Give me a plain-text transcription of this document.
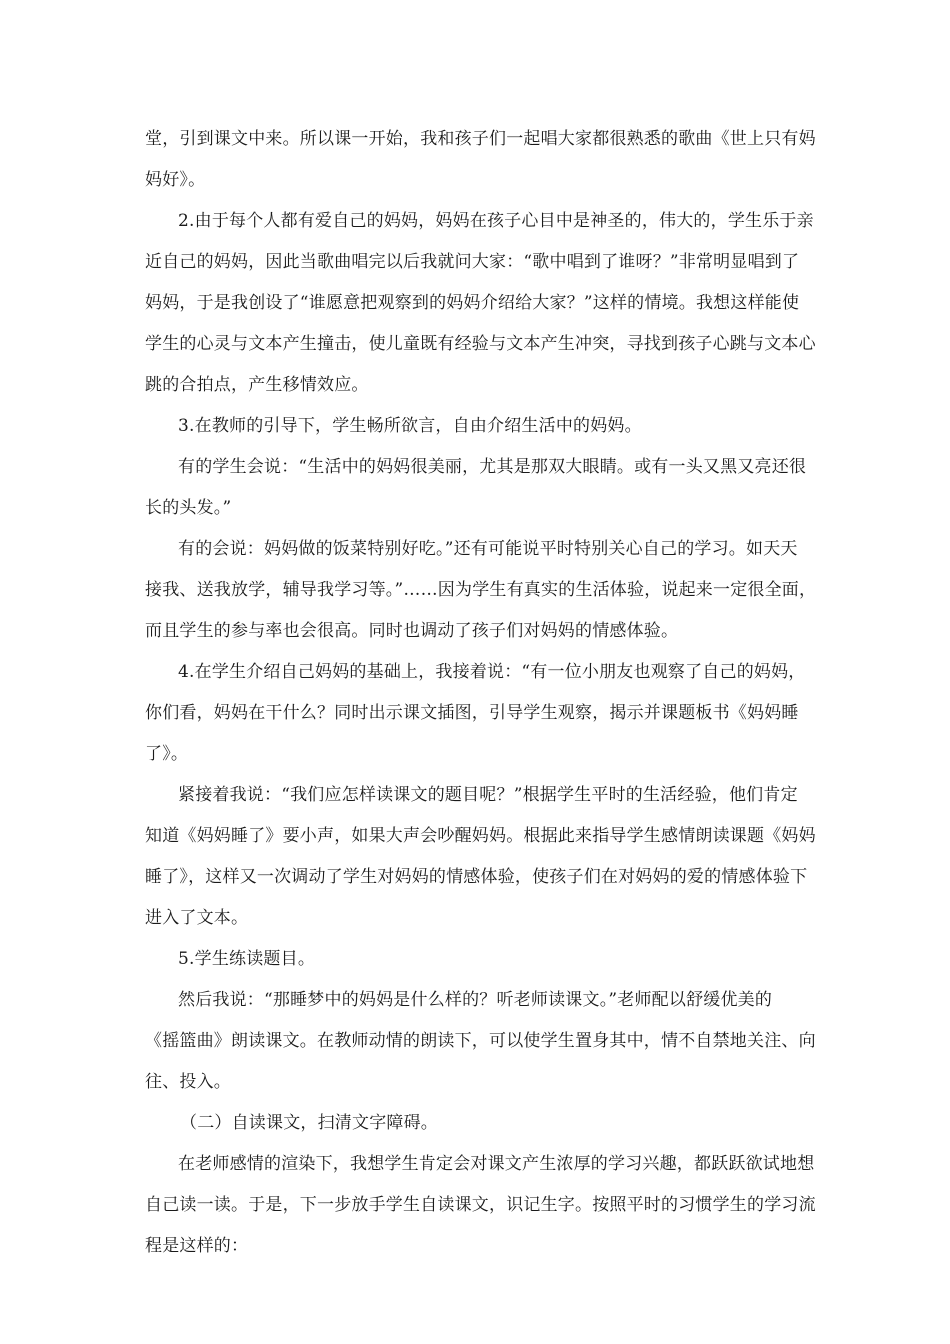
堂，引到课文中来。所以课一开始，我和孩子们一起唱大家都很熟悉的歌曲《世上只有妈
妈好》。
2.由于每个人都有爱自己的妈妈，妈妈在孩子心目中是神圣的，伟大的，学生乐于亲
近自己的妈妈，因此当歌曲唱完以后我就问大家：“歌中唱到了谁呀？”非常明显唱到了
妈妈，于是我创设了“谁愿意把观察到的妈妈介绍给大家？”这样的情境。我想这样能使
学生的心灵与文本产生撞击，使儿童既有经验与文本产生冲突，寻找到孩子心跳与文本心
跳的合拍点，产生移情效应。
3.在教师的引导下，学生畅所欲言，自由介绍生活中的妈妈。
有的学生会说：“生活中的妈妈很美丽，尤其是那双大眼睛。或有一头又黑又亮还很
长的头发。”
有的会说：妈妈做的饭菜特别好吃。”还有可能说平时特别关心自己的学习。如天天
接我、送我放学，辅导我学习等。”……因为学生有真实的生活体验，说起来一定很全面，
而且学生的参与率也会很高。同时也调动了孩子们对妈妈的情感体验。
4.在学生介绍自己妈妈的基础上，我接着说：“有一位小朋友也观察了自己的妈妈，
你们看，妈妈在干什么？同时出示课文插图，引导学生观察，揭示并课题板书《妈妈睡
了》。
紧接着我说：“我们应怎样读课文的题目呢？”根据学生平时的生活经验，他们肯定
知道《妈妈睡了》要小声，如果大声会吵醒妈妈。根据此来指导学生感情朗读课题《妈妈
睡了》，这样又一次调动了学生对妈妈的情感体验，使孩子们在对妈妈的爱的情感体验下
进入了文本。
5.学生练读题目。
然后我说：“那睡梦中的妈妈是什么样的？听老师读课文。”老师配以舒缓优美的
《摇篮曲》朗读课文。在教师动情的朗读下，可以使学生置身其中，情不自禁地关注、向
往、投入。
（二）自读课文，扫清文字障碍。
在老师感情的渲染下，我想学生肯定会对课文产生浓厚的学习兴趣，都跃跃欲试地想
自己读一读。于是，下一步放手学生自读课文，识记生字。按照平时的习惯学生的学习流
程是这样的：
